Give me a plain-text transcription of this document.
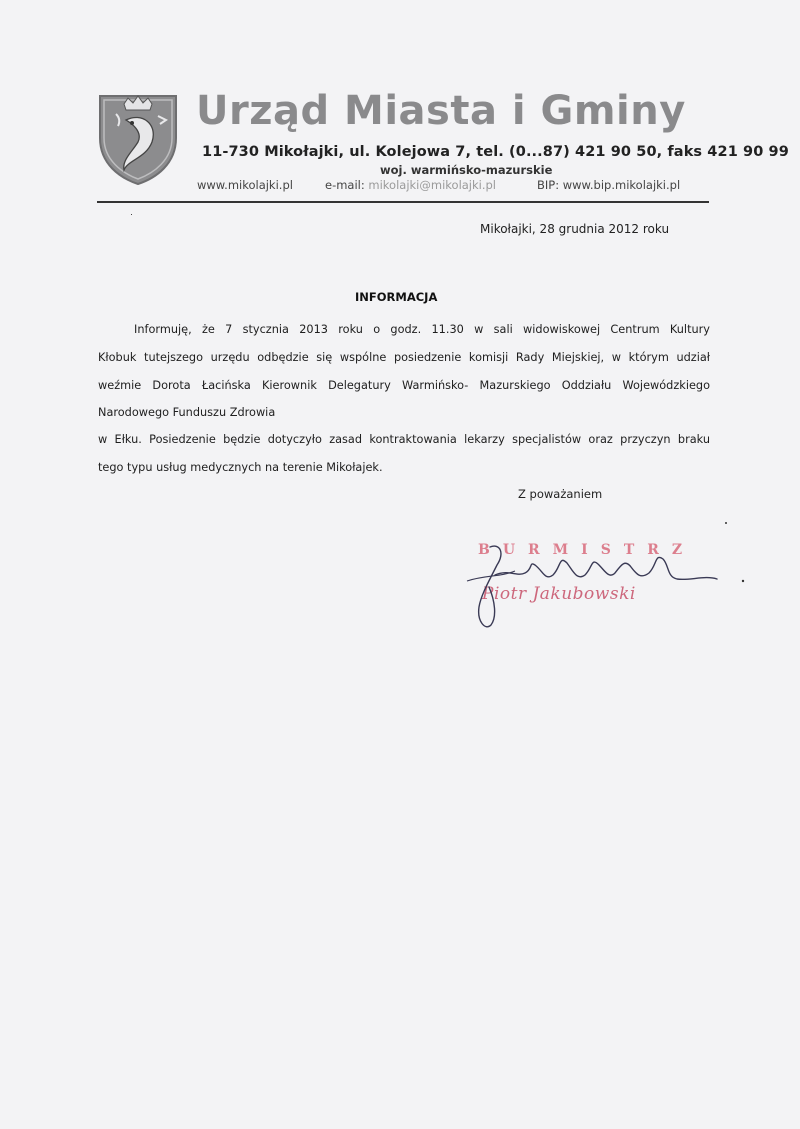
Urząd Miasta i Gminy
11-730 Mikołajki, ul. Kolejowa 7, tel. (0...87) 421 90 50, faks 421 90 99
woj. warmińsko-mazurskie
www.mikolajki.pl	e-mail: mikolajki@mikolajki.pl	BIP: www.bip.mikolajki.pl
Mikołajki, 28 grudnia 2012 roku
INFORMACJA
Informuję, że 7 stycznia 2013 roku o godz. 11.30 w sali widowiskowej Centrum Kultury
Kłobuk tutejszego urzędu odbędzie się wspólne posiedzenie komisji Rady Miejskiej, w którym udział
weźmie Dorota Łacińska Kierownik Delegatury Warmińsko- Mazurskiego Oddziału Wojewódzkiego
Narodowego Funduszu Zdrowia
w Ełku. Posiedzenie będzie dotyczyło zasad kontraktowania lekarzy specjalistów oraz przyczyn braku
tego typu usług medycznych na terenie Mikołajek.
Z poważaniem
BURMISTRZ
Piotr Jakubowski
